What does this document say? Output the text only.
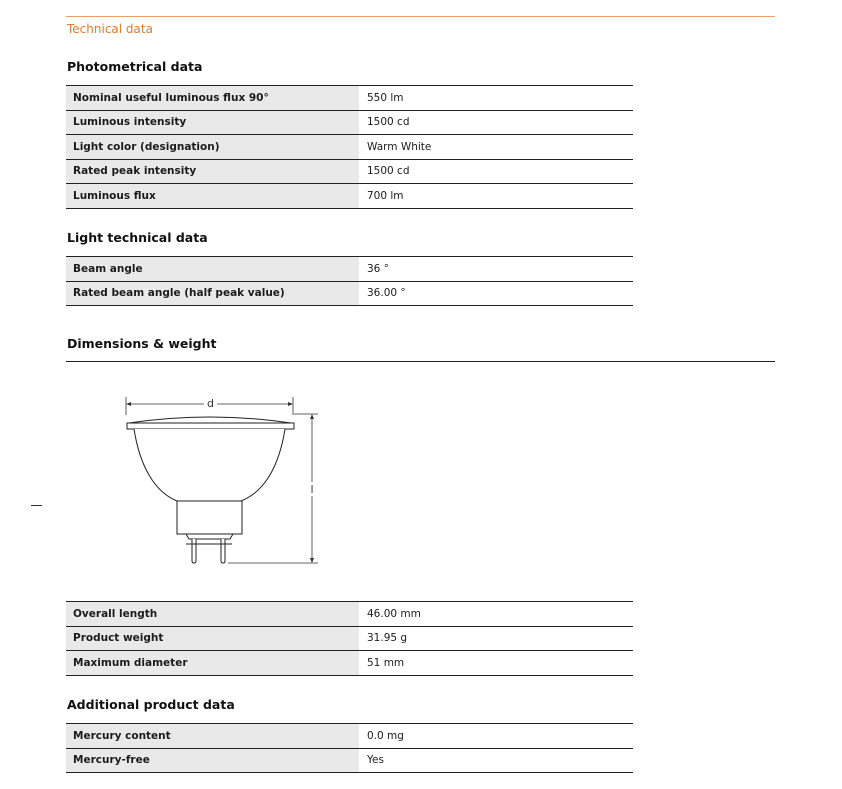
Technical data
Photometrical data
Nominal useful luminous flux 90°	550 lm
Luminous intensity	1500 cd
Light color (designation)	Warm White
Rated peak intensity	1500 cd
Luminous flux	700 lm
Light technical data
Beam angle	36 °
Rated beam angle (half peak value)	36.00 °
Dimensions & weight
d
l
Overall length	46.00 mm
Product weight	31.95 g
Maximum diameter	51 mm
Additional product data
Mercury content	0.0 mg
Mercury-free	Yes
